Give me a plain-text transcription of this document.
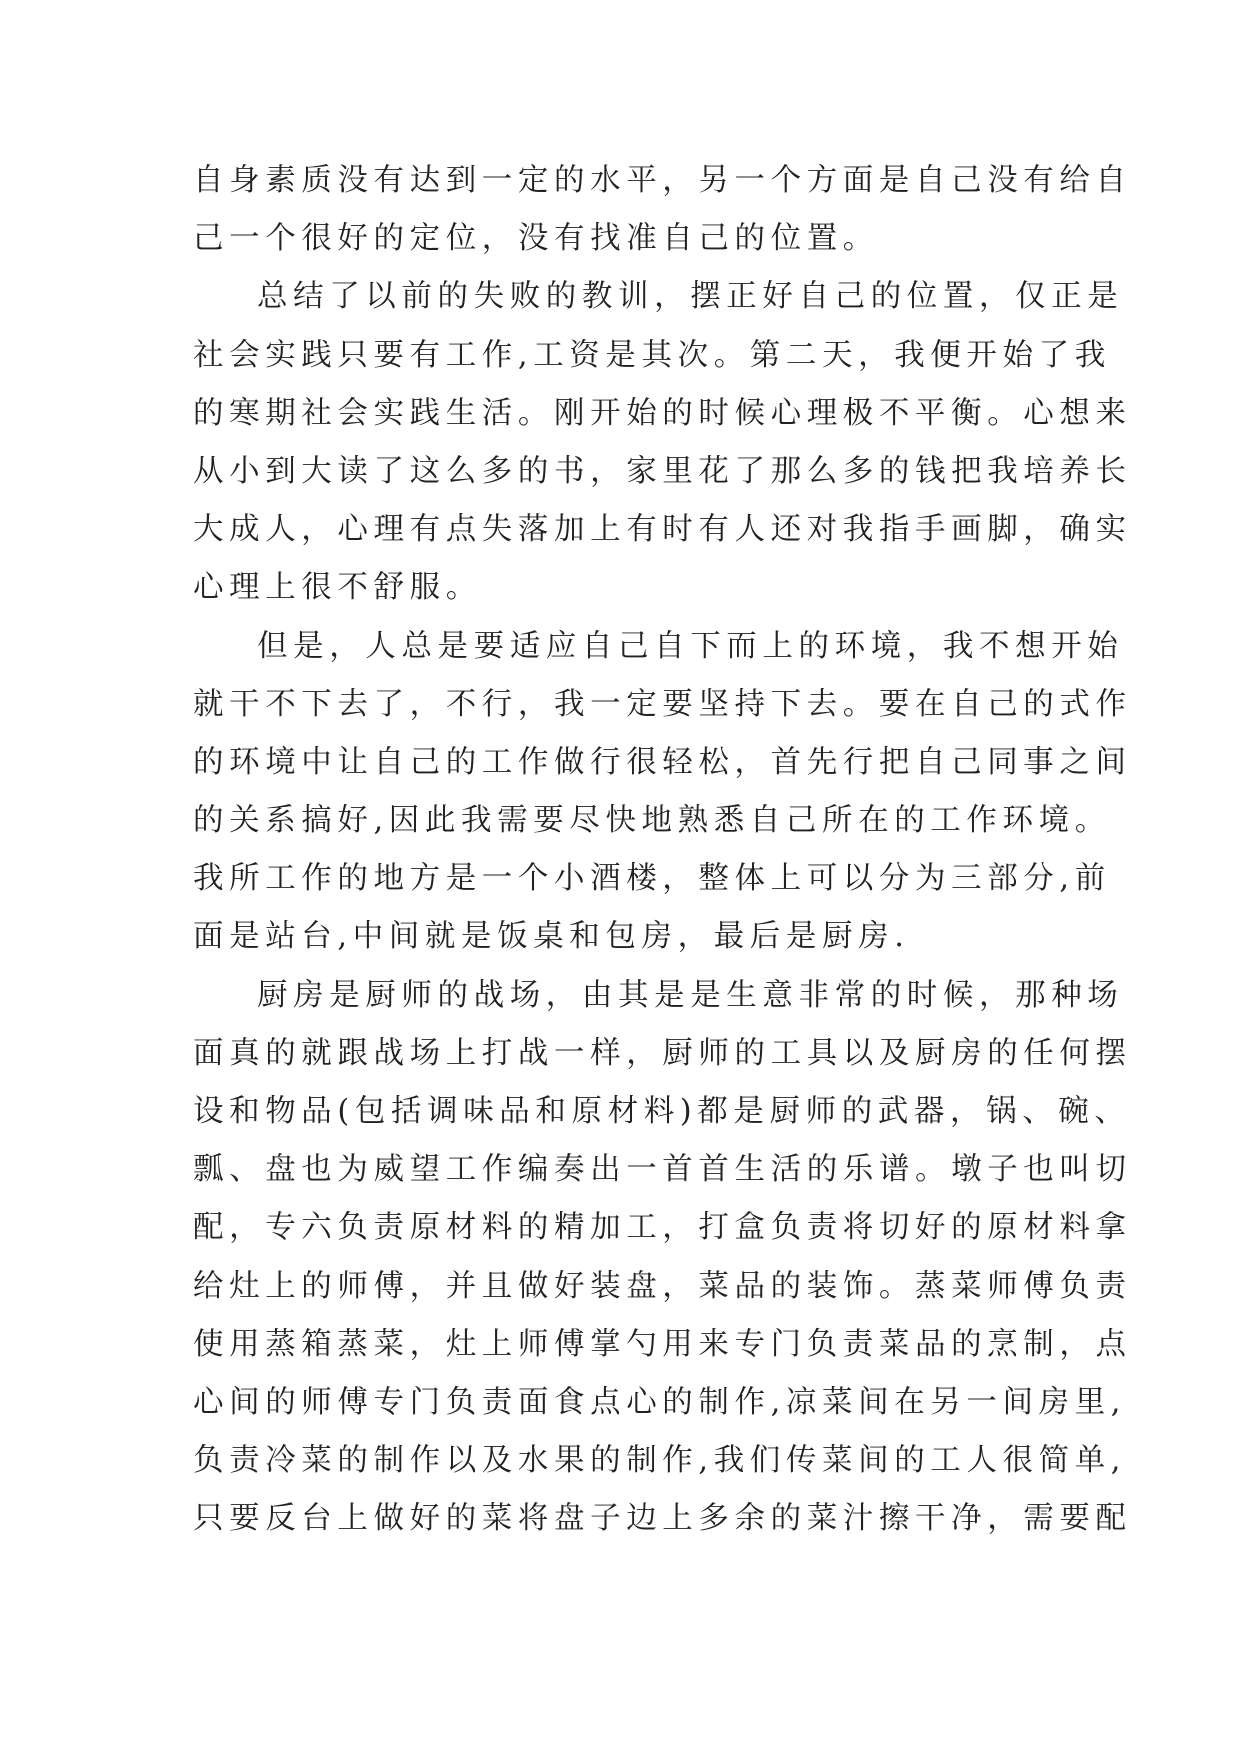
自身素质没有达到一定的水平，另一个方面是自己没有给自
己一个很好的定位，没有找准自己的位置。
总结了以前的失败的教训，摆正好自己的位置，仅正是
社会实践只要有工作,工资是其次。第二天，我便开始了我
的寒期社会实践生活。刚开始的时候心理极不平衡。心想来
从小到大读了这么多的书，家里花了那么多的钱把我培养长
大成人，心理有点失落加上有时有人还对我指手画脚，确实
心理上很不舒服。
但是，人总是要适应自己自下而上的环境，我不想开始
就干不下去了，不行，我一定要坚持下去。要在自己的式作
的环境中让自己的工作做行很轻松，首先行把自己同事之间
的关系搞好,因此我需要尽快地熟悉自己所在的工作环境。
我所工作的地方是一个小酒楼，整体上可以分为三部分,前
面是站台,中间就是饭桌和包房，最后是厨房.
厨房是厨师的战场，由其是是生意非常的时候，那种场
面真的就跟战场上打战一样，厨师的工具以及厨房的任何摆
设和物品(包括调味品和原材料)都是厨师的武器，锅、碗、
瓢、盘也为威望工作编奏出一首首生活的乐谱。墩子也叫切
配，专六负责原材料的精加工，打盒负责将切好的原材料拿
给灶上的师傅，并且做好装盘，菜品的装饰。蒸菜师傅负责
使用蒸箱蒸菜，灶上师傅掌勺用来专门负责菜品的烹制，点
心间的师傅专门负责面食点心的制作,凉菜间在另一间房里,
负责冷菜的制作以及水果的制作,我们传菜间的工人很简单,
只要反台上做好的菜将盘子边上多余的菜汁擦干净，需要配
